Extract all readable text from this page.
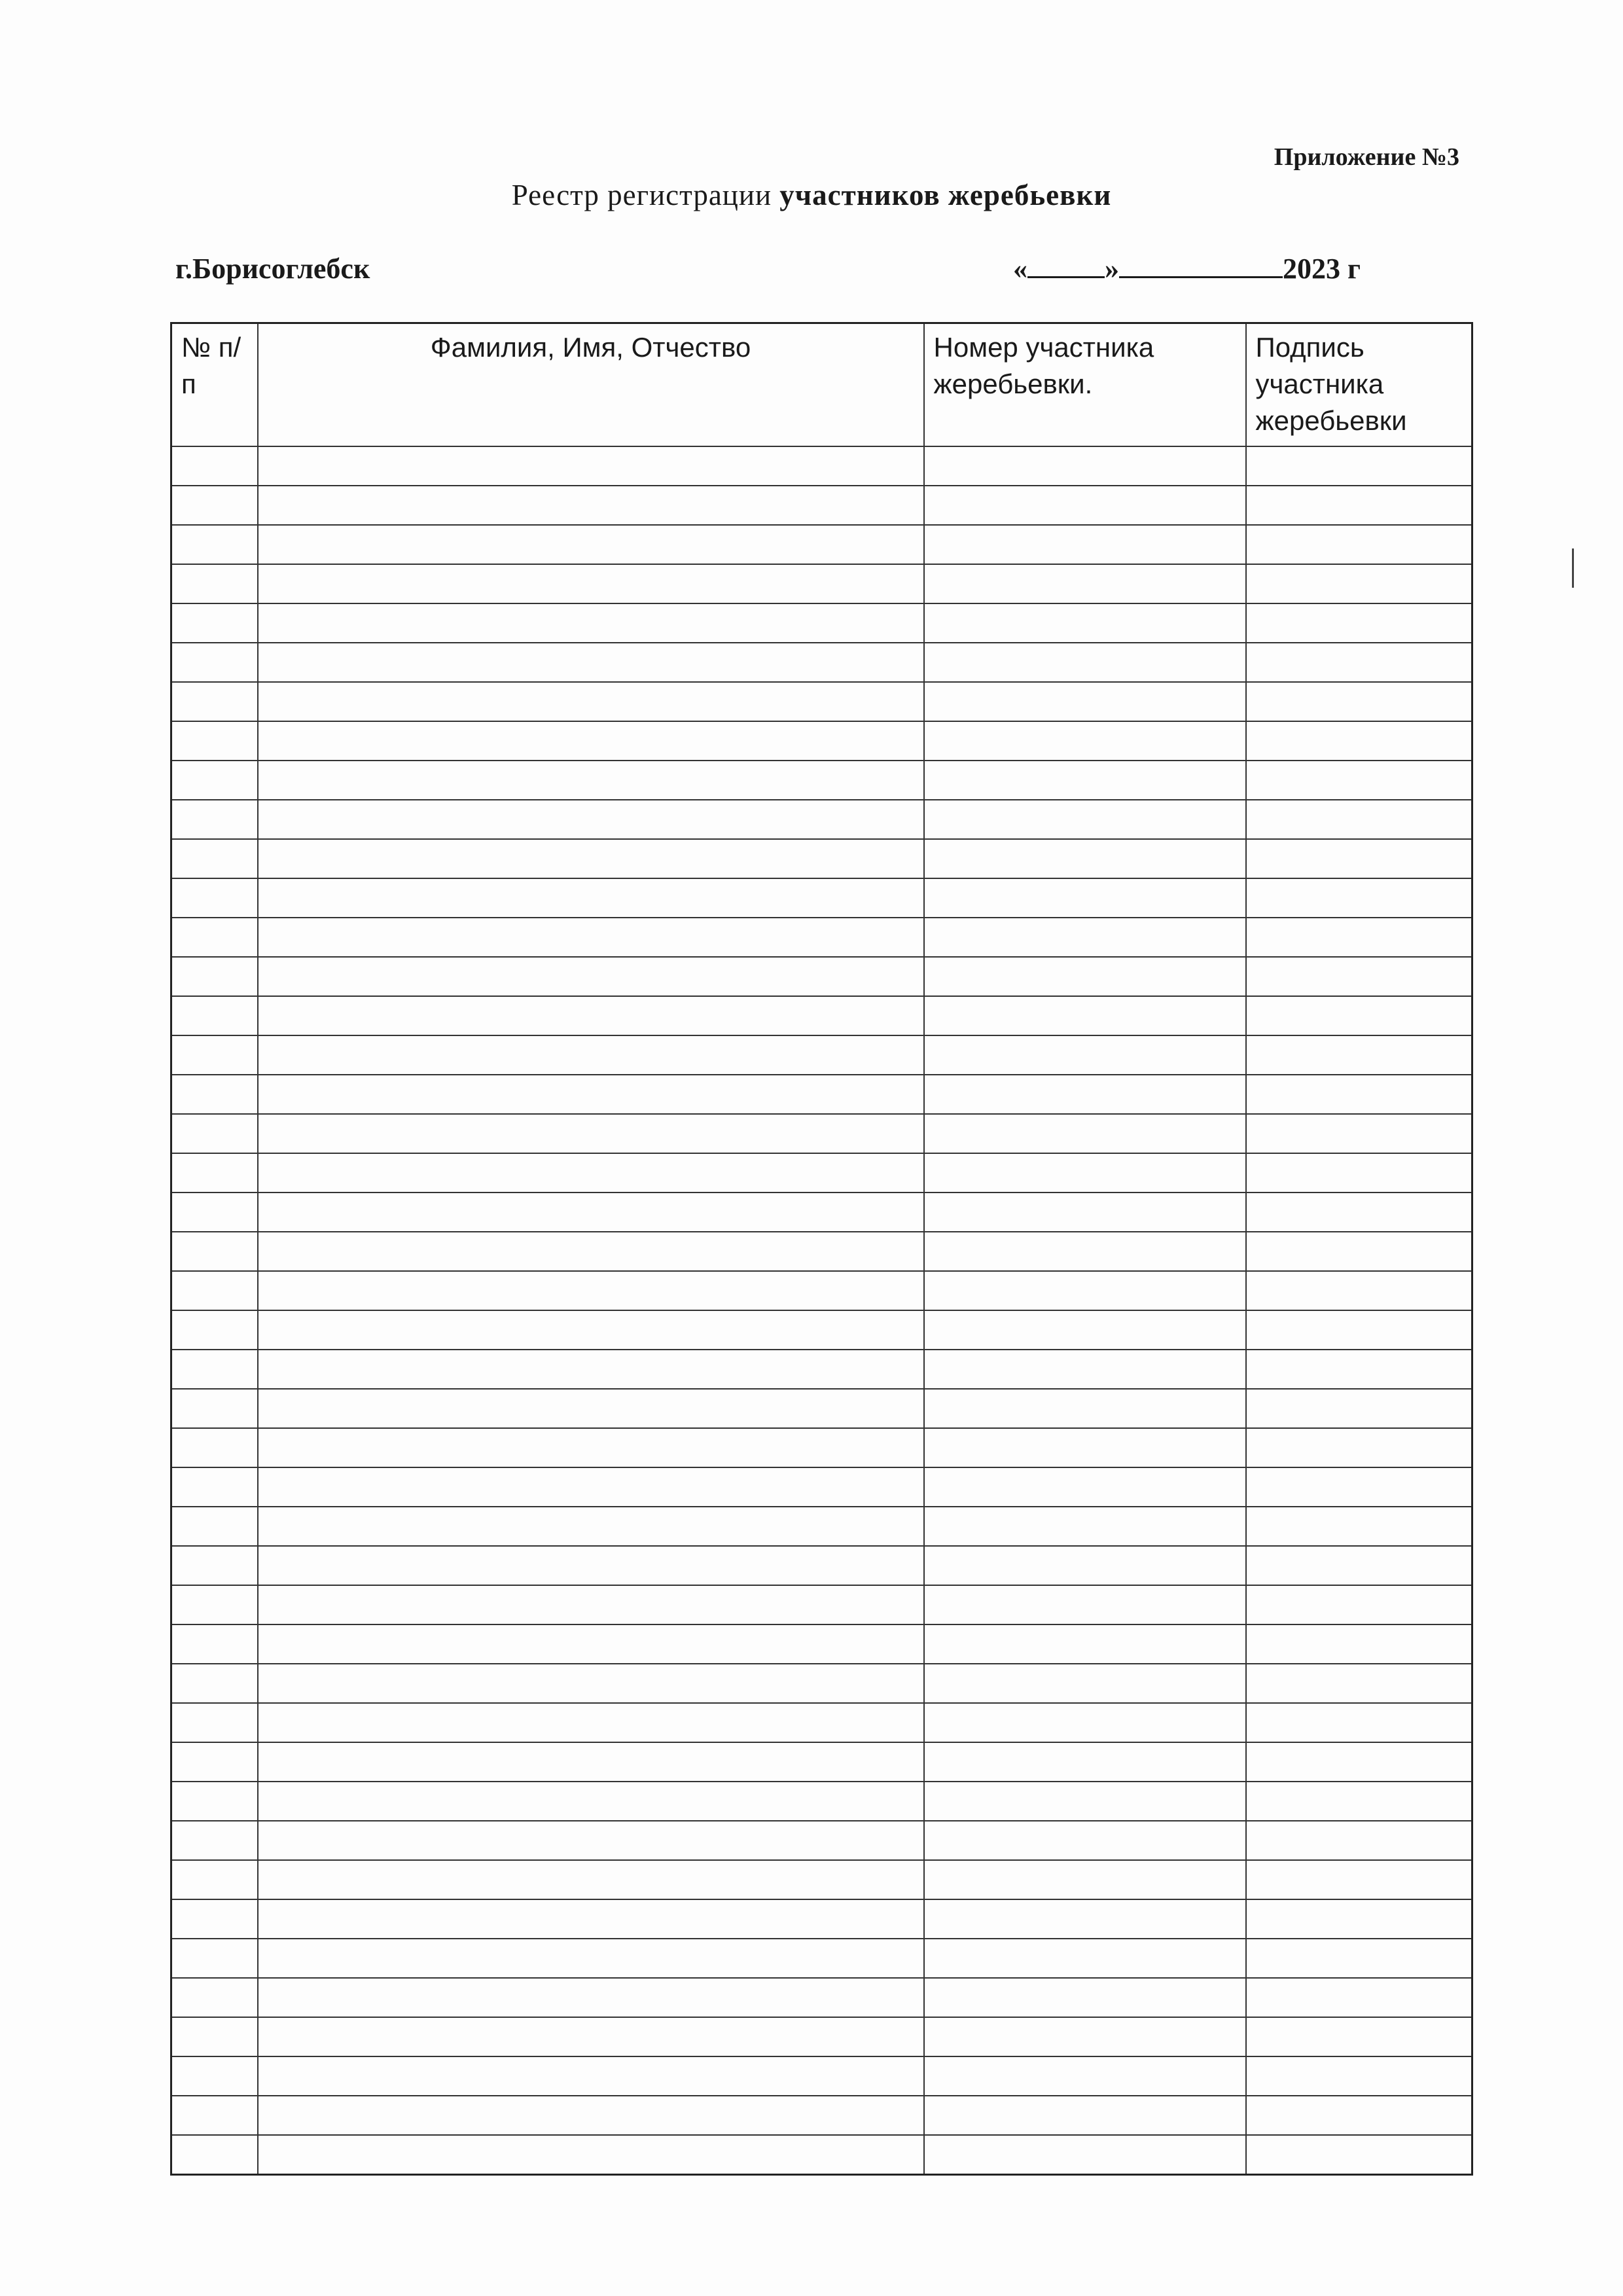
Приложение №3
Реестр регистрации участников жеребьевки
г.Борисоглебск	«	»	2023 г
№ п/п	Фамилия, Имя, Отчество	Номер участника жеребьевки.	Подпись участника жеребьевки
